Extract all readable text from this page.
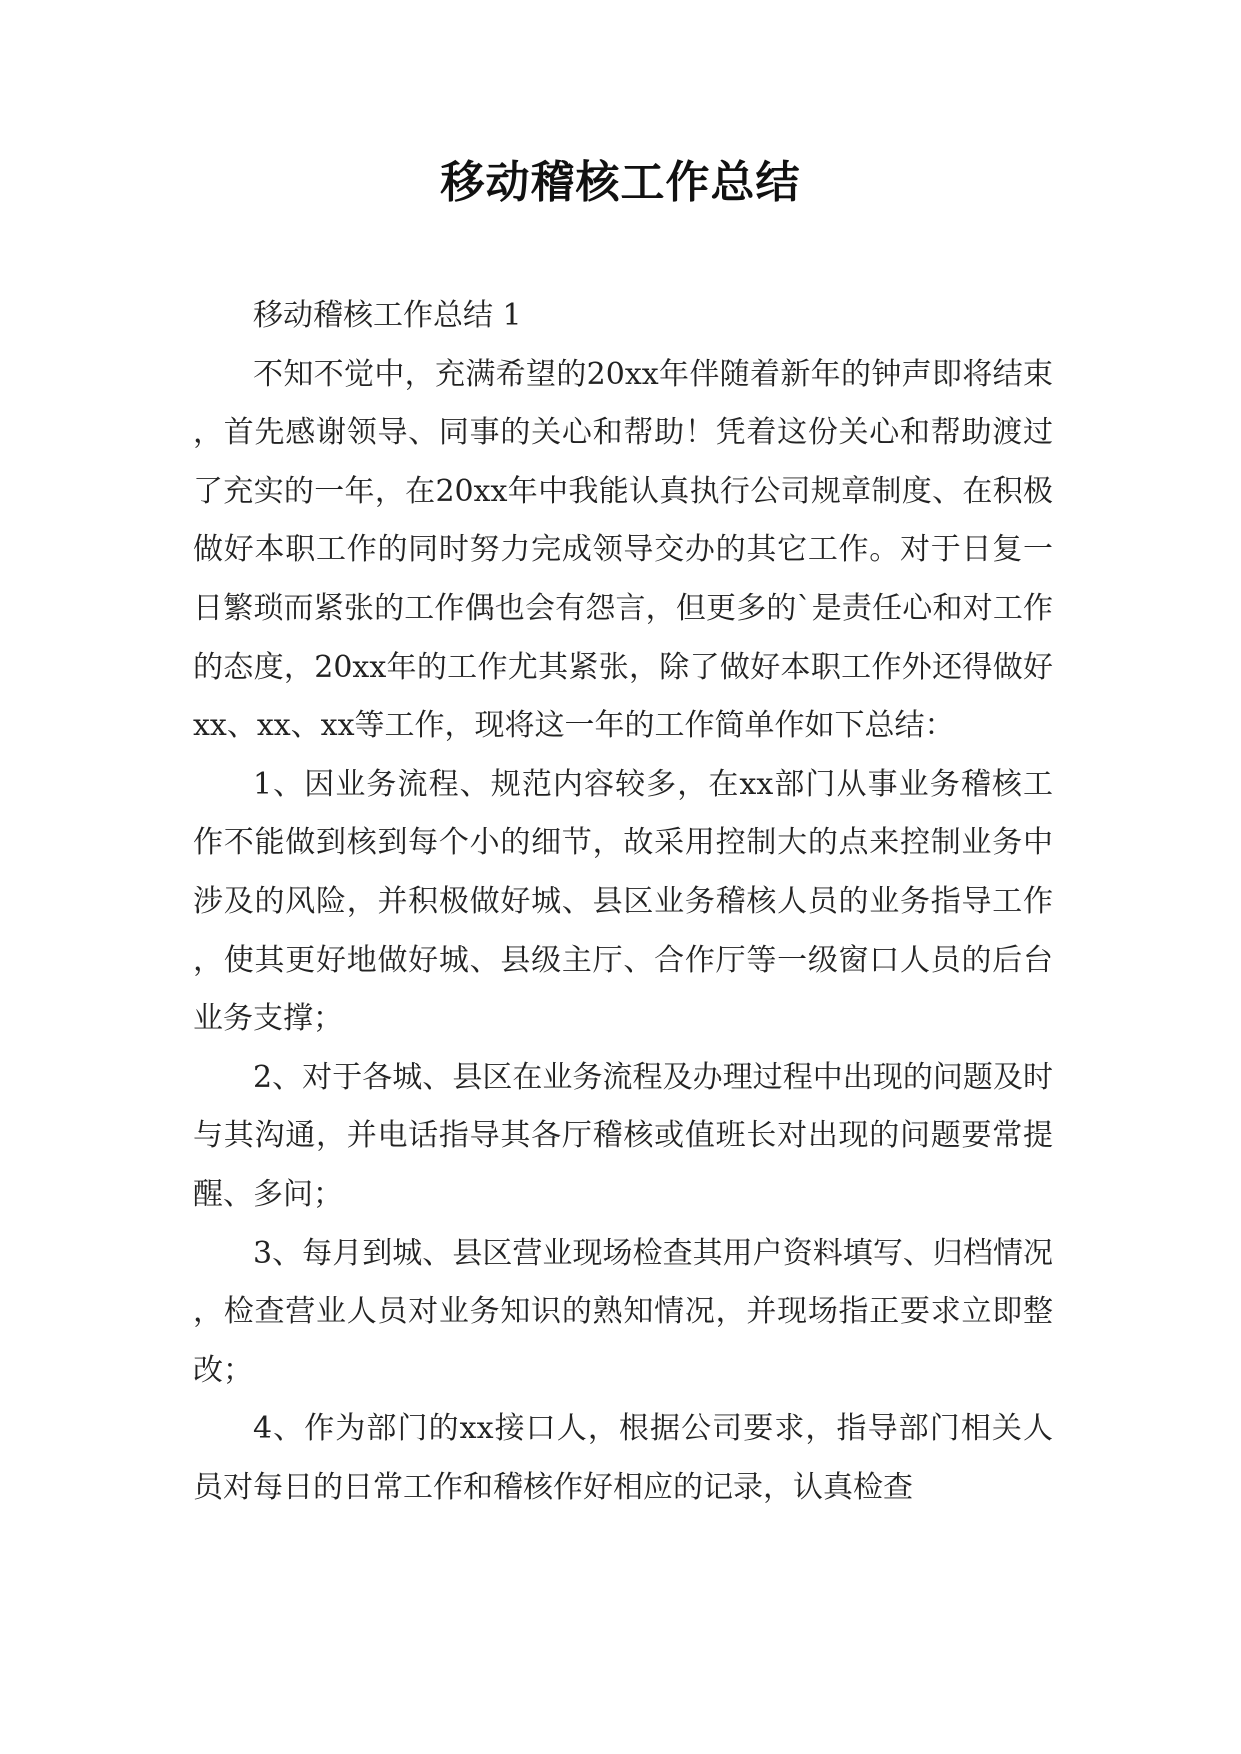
移动稽核工作总结

移动稽核工作总结 1

不知不觉中，充满希望的20xx年伴随着新年的钟声即将结束，首先感谢领导、同事的关心和帮助！凭着这份关心和帮助渡过了充实的一年，在20xx年中我能认真执行公司规章制度、在积极做好本职工作的同时努力完成领导交办的其它工作。对于日复一日繁琐而紧张的工作偶也会有怨言，但更多的`是责任心和对工作的态度，20xx年的工作尤其紧张，除了做好本职工作外还得做好xx、xx、xx等工作，现将这一年的工作简单作如下总结：

1、因业务流程、规范内容较多，在xx部门从事业务稽核工作不能做到核到每个小的细节，故采用控制大的点来控制业务中涉及的风险，并积极做好城、县区业务稽核人员的业务指导工作，使其更好地做好城、县级主厅、合作厅等一级窗口人员的后台业务支撑；

2、对于各城、县区在业务流程及办理过程中出现的问题及时与其沟通，并电话指导其各厅稽核或值班长对出现的问题要常提醒、多问；

3、每月到城、县区营业现场检查其用户资料填写、归档情况，检查营业人员对业务知识的熟知情况，并现场指正要求立即整改；

4、作为部门的xx接口人，根据公司要求，指导部门相关人员对每日的日常工作和稽核作好相应的记录，认真检查
